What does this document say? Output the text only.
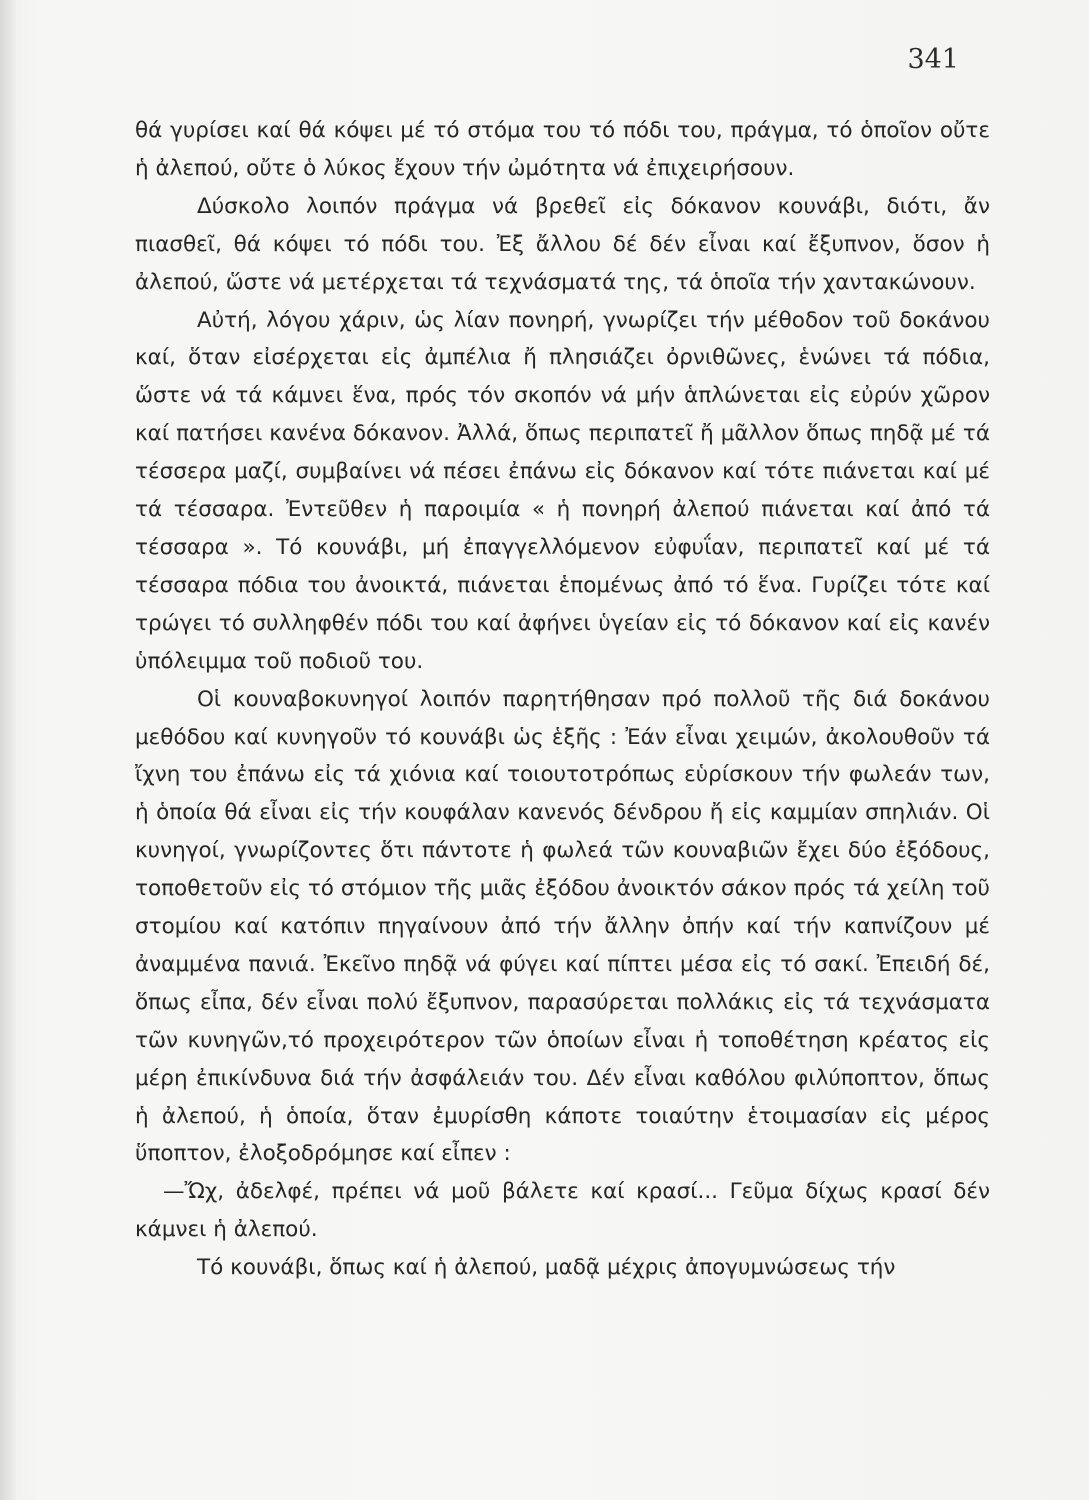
341

θά γυρίσει καί θά κόψει μέ τό στόμα του τό πόδι του, πράγμα, τό ὁποῖον οὔτε ἡ ἀλεπού, οὔτε ὁ λύκος ἔχουν τήν ὠμότητα νά ἐπιχειρήσουν.

Δύσκολο λοιπόν πράγμα νά βρεθεῖ εἰς δόκανον κουνάβι, διότι, ἄν πιασθεῖ, θά κόψει τό πόδι του. Ἐξ ἄλλου δέ δέν εἶναι καί ἔξυπνον, ὅσον ἡ ἀλεπού, ὥστε νά μετέρχεται τά τεχνάσματά της, τά ὁποῖα τήν χαντακώνουν.

Αὐτή, λόγου χάριν, ὡς λίαν πονηρή, γνωρίζει τήν μέθοδον τοῦ δοκάνου καί, ὅταν εἰσέρχεται εἰς ἀμπέλια ἤ πλησιάζει ὀρνιθῶνες, ἑνώνει τά πόδια, ὥστε νά τά κάμνει ἕνα, πρός τόν σκοπόν νά μήν ἁπλώνεται εἰς εὐρύν χῶρον καί πατήσει κανένα δόκανον. Ἀλλά, ὅπως περιπατεῖ ἤ μᾶλλον ὅπως πηδᾷ μέ τά τέσσερα μαζί, συμβαίνει νά πέσει ἐπάνω εἰς δόκανον καί τότε πιάνεται καί μέ τά τέσσαρα. Ἐντεῦθεν ἡ παροιμία « ἡ πονηρή ἀλεπού πιάνεται καί ἀπό τά τέσσαρα ». Τό κουνάβι, μή ἐπαγγελλόμενον εὐφυΐαν, περιπατεῖ καί μέ τά τέσσαρα πόδια του ἀνοικτά, πιάνεται ἑπομένως ἀπό τό ἕνα. Γυρίζει τότε καί τρώγει τό συλληφθέν πόδι του καί ἀφήνει ὑγείαν εἰς τό δόκανον καί εἰς κανέν ὑπόλειμμα τοῦ ποδιοῦ του.

Οἱ κουναβοκυνηγοί λοιπόν παρητήθησαν πρό πολλοῦ τῆς διά δοκάνου μεθόδου καί κυνηγοῦν τό κουνάβι ὡς ἑξῆς : Ἐάν εἶναι χειμών, ἀκολουθοῦν τά ἴχνη του ἐπάνω εἰς τά χιόνια καί τοιουτοτρόπως εὑρίσκουν τήν φωλεάν των, ἡ ὁποία θά εἶναι εἰς τήν κουφάλαν κανενός δένδρου ἤ εἰς καμμίαν σπηλιάν. Οἱ κυνηγοί, γνωρίζοντες ὅτι πάντοτε ἡ φωλεά τῶν κουναβιῶν ἔχει δύο ἐξόδους, τοποθετοῦν εἰς τό στόμιον τῆς μιᾶς ἐξόδου ἀνοικτόν σάκον πρός τά χείλη τοῦ στομίου καί κατόπιν πηγαίνουν ἀπό τήν ἄλλην ὀπήν καί τήν καπνίζουν μέ ἀναμμένα πανιά. Ἐκεῖνο πηδᾷ νά φύγει καί πίπτει μέσα εἰς τό σακί. Ἐπειδή δέ, ὅπως εἶπα, δέν εἶναι πολύ ἔξυπνον, παρασύρεται πολλάκις εἰς τά τεχνάσματα τῶν κυνηγῶν,τό προχειρότερον τῶν ὁποίων εἶναι ἡ τοποθέτηση κρέατος εἰς μέρη ἐπικίνδυνα διά τήν ἀσφάλειάν του. Δέν εἶναι καθόλου φιλύποπτον, ὅπως ἡ ἀλεπού, ἡ ὁποία, ὅταν ἐμυρίσθη κάποτε τοιαύτην ἑτοιμασίαν εἰς μέρος ὕποπτον, ἐλοξοδρόμησε καί εἶπεν :

—Ὤχ, ἀδελφέ, πρέπει νά μοῦ βάλετε καί κρασί... Γεῦμα δίχως κρασί δέν κάμνει ἡ ἀλεπού.

Τό κουνάβι, ὅπως καί ἡ ἀλεπού, μαδᾷ μέχρις ἀπογυμνώσεως τήν
